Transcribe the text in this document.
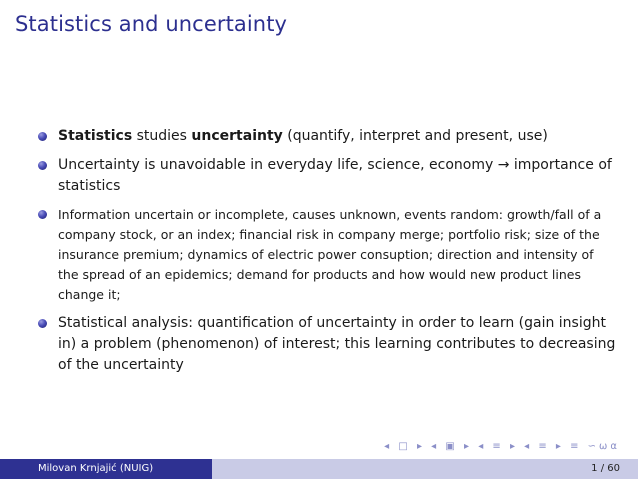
Statistics and uncertainty
Statistics studies uncertainty (quantify, interpret and present, use)
Uncertainty is unavoidable in everyday life, science, economy → importance of statistics
Information uncertain or incomplete, causes unknown, events random: growth/fall of a company stock, or an index; financial risk in company merge; portfolio risk; size of the insurance premium; dynamics of electric power consuption; direction and intensity of the spread of an epidemics; demand for products and how would new product lines change it;
Statistical analysis: quantification of uncertainty in order to learn (gain insight in) a problem (phenomenon) of interest; this learning contributes to decreasing of the uncertainty
◂ □ ▸ ◂ ▣ ▸ ◂ ≡ ▸ ◂ ≡ ▸ ≡ ∽⍵⍺
Milovan Krnjajić (NUIG)	1 / 60
